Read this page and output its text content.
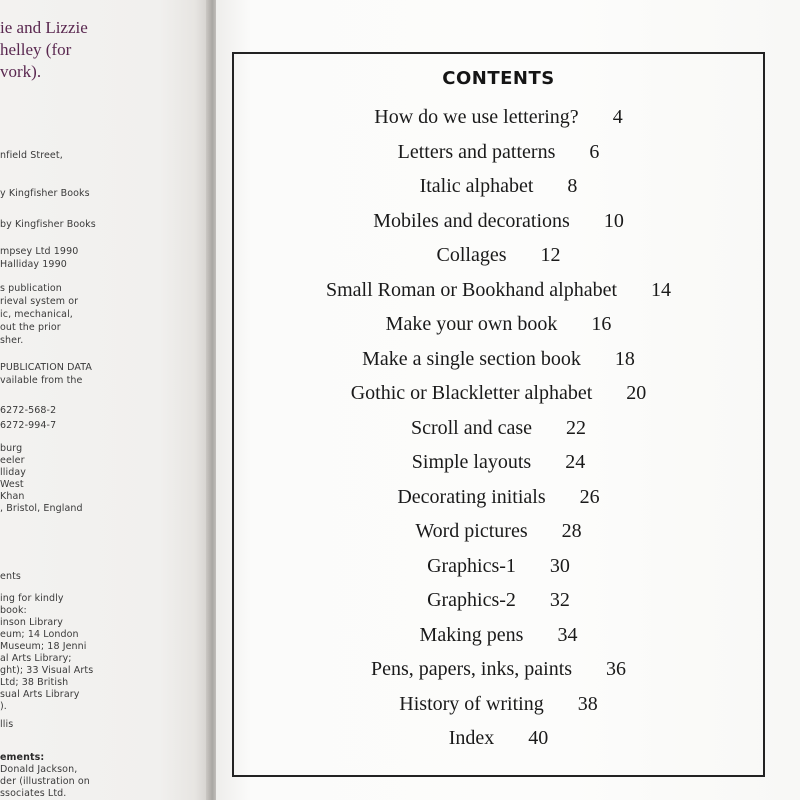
ie and Lizzie
helley (for
vork).
nfield Street,
y Kingfisher Books
by Kingfisher Books
mpsey Ltd 1990
Halliday 1990
s publication
rieval system or
ic, mechanical,
out the prior
sher.
PUBLICATION DATA
vailable from the
6272-568-2
6272-994-7
burg
eeler
lliday
West
Khan
, Bristol, England
ents
ing for kindly
book:
inson Library
eum; 14 London
Museum; 18 Jenni
al Arts Library;
ght); 33 Visual Arts
Ltd; 38 British
sual Arts Library
).
llis
ements:
Donald Jackson,
der (illustration on
ssociates Ltd.
CONTENTS
How do we use lettering? 4
Letters and patterns 6
Italic alphabet 8
Mobiles and decorations 10
Collages 12
Small Roman or Bookhand alphabet 14
Make your own book 16
Make a single section book 18
Gothic or Blackletter alphabet 20
Scroll and case 22
Simple layouts 24
Decorating initials 26
Word pictures 28
Graphics-1 30
Graphics-2 32
Making pens 34
Pens, papers, inks, paints 36
History of writing 38
Index 40
